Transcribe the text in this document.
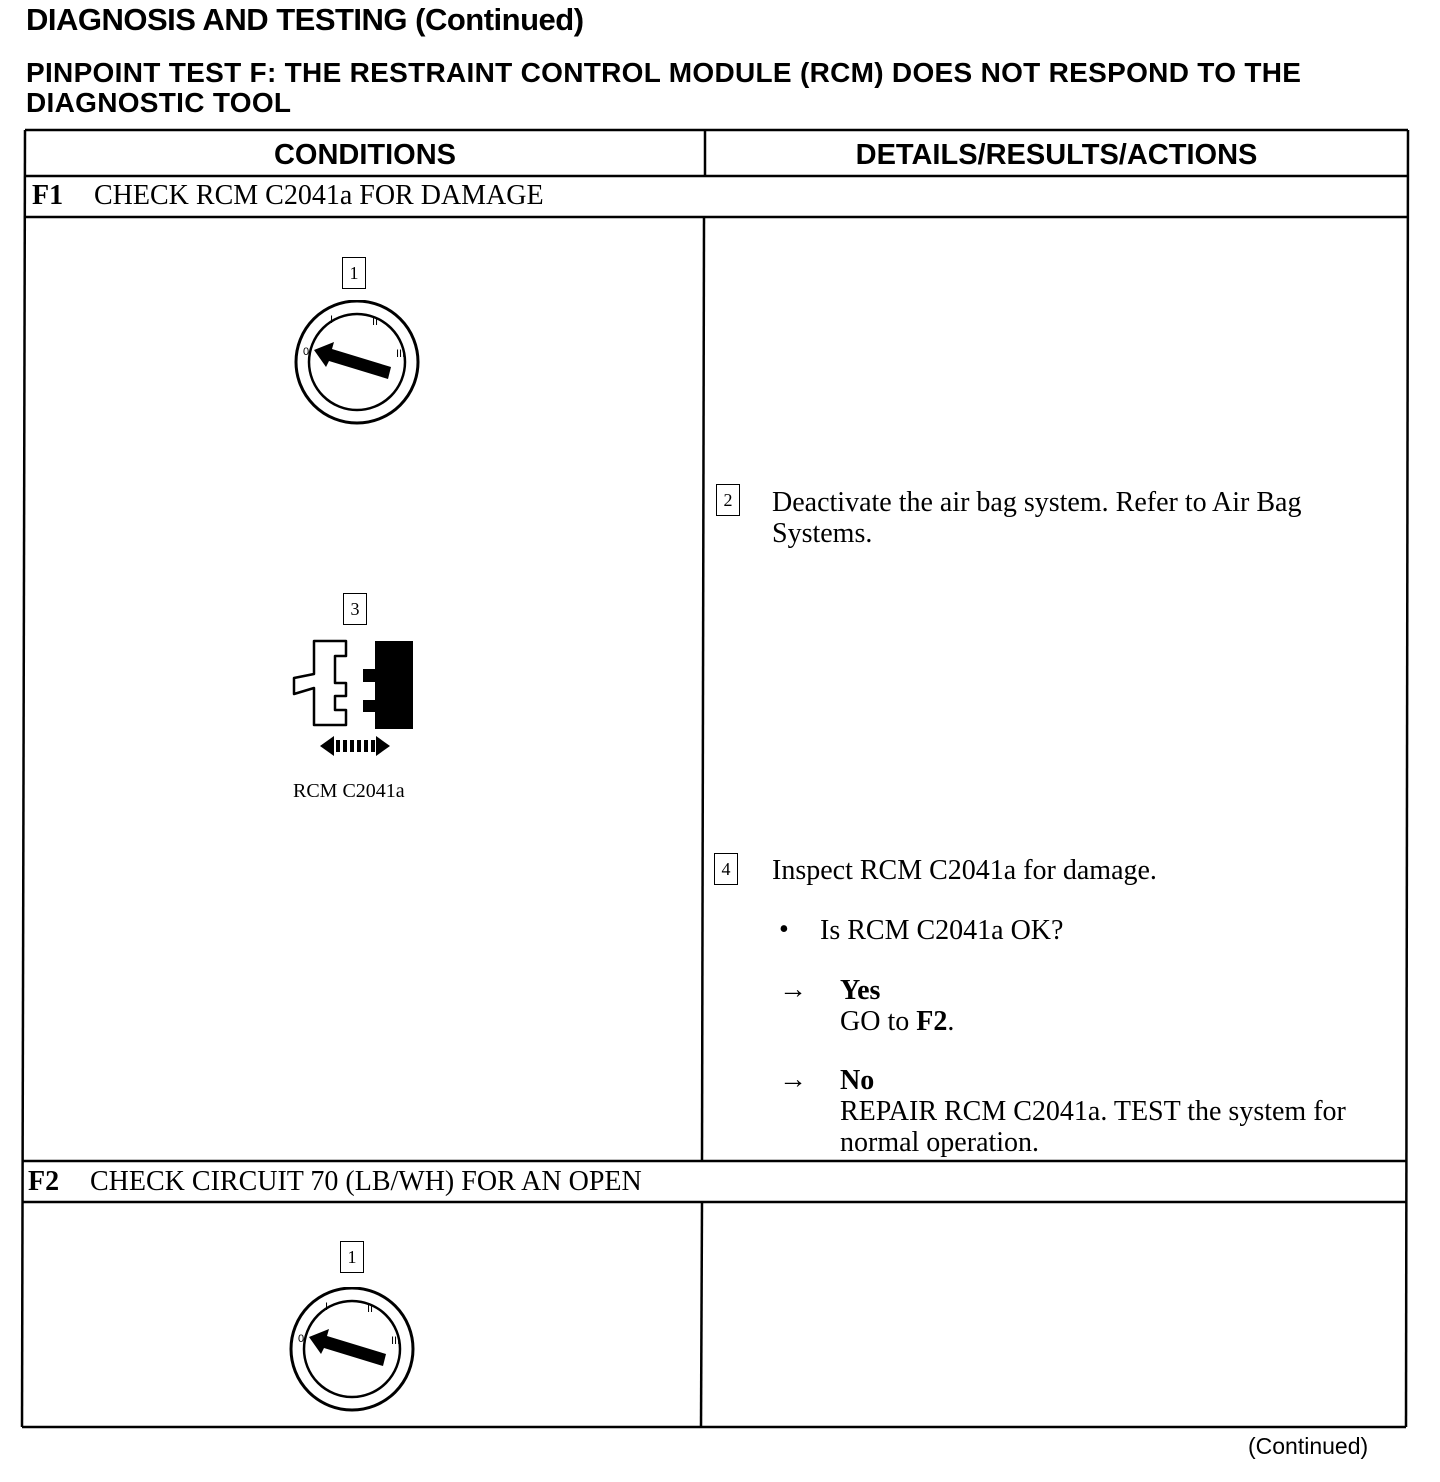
DIAGNOSIS AND TESTING (Continued)
PINPOINT TEST F: THE RESTRAINT CONTROL MODULE (RCM) DOES NOT RESPOND TO THE DIAGNOSTIC TOOL
CONDITIONS	DETAILS/RESULTS/ACTIONS
F1 CHECK RCM C2041a FOR DAMAGE
1
0
I	II
III
2 Deactivate the air bag system. Refer to Air Bag Systems.
3
RCM C2041a
4 Inspect RCM C2041a for damage.
• Is RCM C2041a OK?
→ Yes
GO to F2.
→ No
REPAIR RCM C2041a. TEST the system for normal operation.
F2 CHECK CIRCUIT 70 (LB/WH) FOR AN OPEN
1
0
I	II
III
(Continued)
